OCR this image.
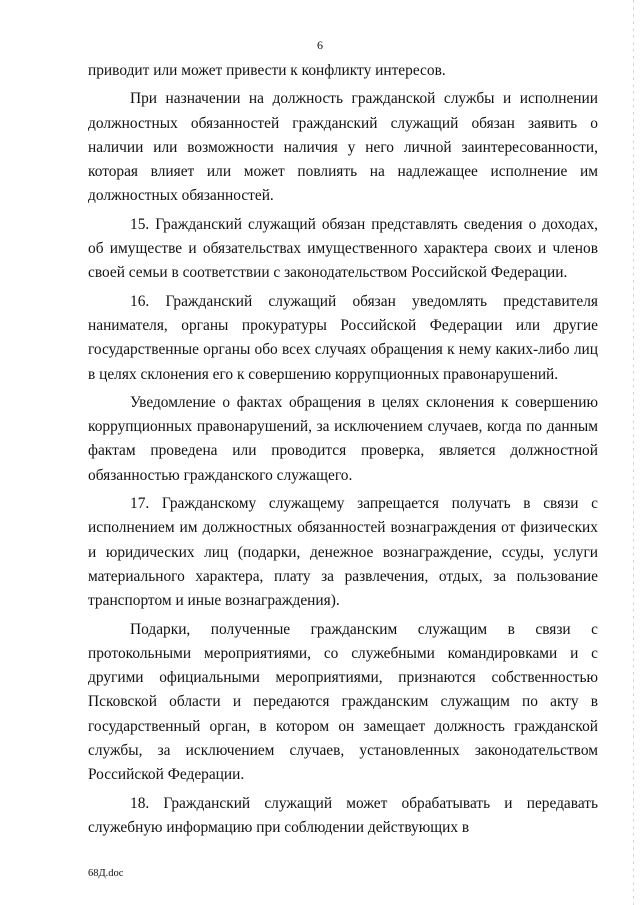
6

приводит или может привести к конфликту интересов.

При назначении на должность гражданской службы и исполнении должностных обязанностей гражданский служащий обязан заявить о наличии или возможности наличия у него личной заинтересованности, которая влияет или может повлиять на надлежащее исполнение им должностных обязанностей.

15. Гражданский служащий обязан представлять сведения о доходах, об имуществе и обязательствах имущественного характера своих и членов своей семьи в соответствии с законодательством Российской Федерации.

16. Гражданский служащий обязан уведомлять представителя нанимателя, органы прокуратуры Российской Федерации или другие государственные органы обо всех случаях обращения к нему каких-либо лиц в целях склонения его к совершению коррупционных правонарушений.

Уведомление о фактах обращения в целях склонения к совершению коррупционных правонарушений, за исключением случаев, когда по данным фактам проведена или проводится проверка, является должностной обязанностью гражданского служащего.

17. Гражданскому служащему запрещается получать в связи с исполнением им должностных обязанностей вознаграждения от физических и юридических лиц (подарки, денежное вознаграждение, ссуды, услуги материального характера, плату за развлечения, отдых, за пользование транспортом и иные вознаграждения).

Подарки, полученные гражданским служащим в связи с протокольными мероприятиями, со служебными командировками и с другими официальными мероприятиями, признаются собственностью Псковской области и передаются гражданским служащим по акту в государственный орган, в котором он замещает должность гражданской службы, за исключением случаев, установленных законодательством Российской Федерации.

18. Гражданский служащий может обрабатывать и передавать служебную информацию при соблюдении действующих в

68Д.doc
